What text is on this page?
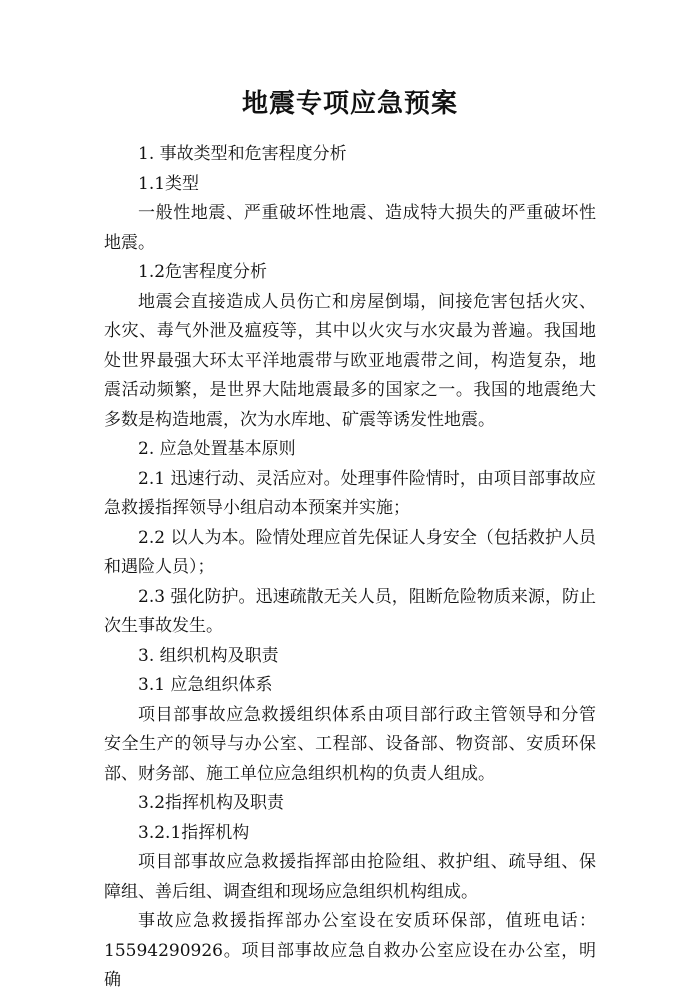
地震专项应急预案

1. 事故类型和危害程度分析

1.1类型

一般性地震、严重破坏性地震、造成特大损失的严重破坏性地震。

1.2危害程度分析

地震会直接造成人员伤亡和房屋倒塌，间接危害包括火灾、水灾、毒气外泄及瘟疫等，其中以火灾与水灾最为普遍。我国地处世界最强大环太平洋地震带与欧亚地震带之间，构造复杂，地震活动频繁，是世界大陆地震最多的国家之一。我国的地震绝大多数是构造地震，次为水库地、矿震等诱发性地震。

2. 应急处置基本原则

2.1 迅速行动、灵活应对。处理事件险情时，由项目部事故应急救援指挥领导小组启动本预案并实施；

2.2 以人为本。险情处理应首先保证人身安全（包括救护人员和遇险人员）；

2.3 强化防护。迅速疏散无关人员，阻断危险物质来源，防止次生事故发生。

3. 组织机构及职责

3.1 应急组织体系

项目部事故应急救援组织体系由项目部行政主管领导和分管安全生产的领导与办公室、工程部、设备部、物资部、安质环保部、财务部、施工单位应急组织机构的负责人组成。

3.2指挥机构及职责

3.2.1指挥机构

项目部事故应急救援指挥部由抢险组、救护组、疏导组、保障组、善后组、调查组和现场应急组织机构组成。

事故应急救援指挥部办公室设在安质环保部，值班电话：15594290926。项目部事故应急自救办公室应设在办公室，明确
